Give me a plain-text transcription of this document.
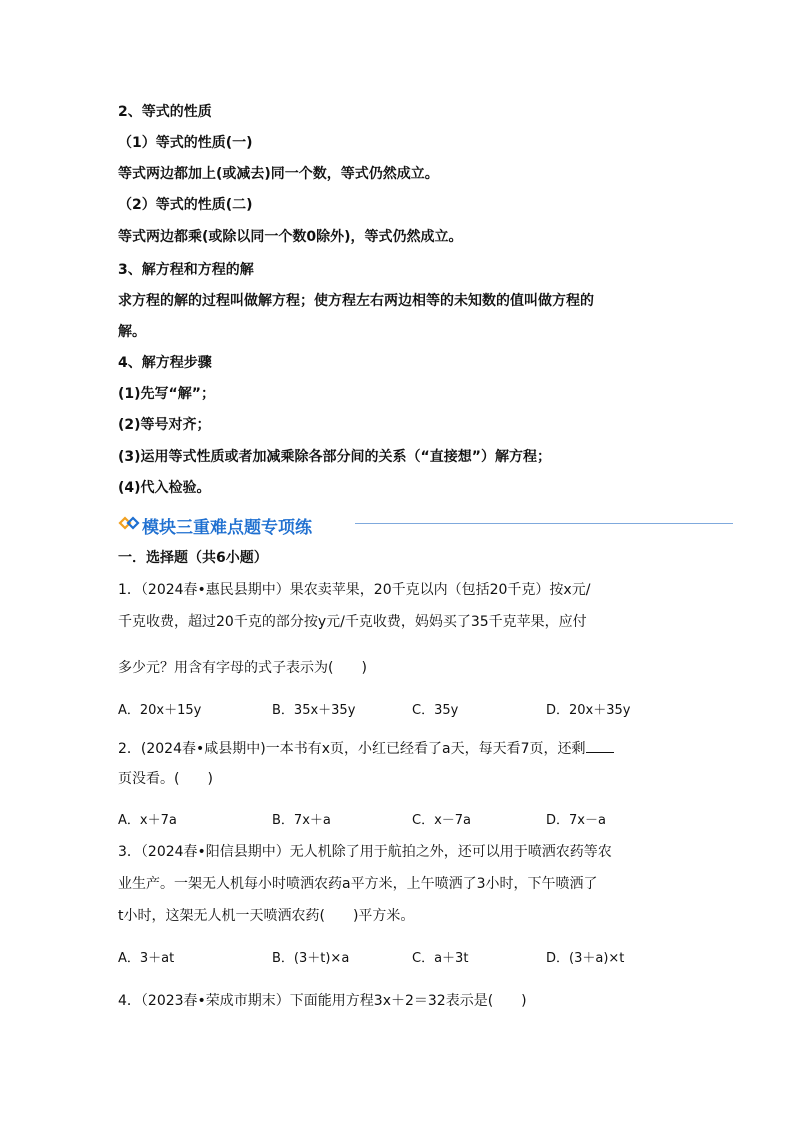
2、等式的性质
（1）等式的性质(一)
等式两边都加上(或减去)同一个数，等式仍然成立。
（2）等式的性质(二)
等式两边都乘(或除以同一个数0除外)，等式仍然成立。
3、解方程和方程的解
求方程的解的过程叫做解方程；使方程左右两边相等的未知数的值叫做方程的
解。
4、解方程步骤
(1)先写“解”；
(2)等号对齐；
(3)运用等式性质或者加减乘除各部分间的关系（“直接想”）解方程；
(4)代入检验。
模块三重难点题专项练
一．选择题（共6小题）
1．（2024春•惠民县期中）果农卖苹果，20千克以内（包括20千克）按x元/
千克收费，超过20千克的部分按y元/千克收费，妈妈买了35千克苹果，应付
多少元？用含有字母的式子表示为(　　)
A．20x＋15y	B．35x＋35y	C．35y	D．20x＋35y
2．(2024春•咸县期中)一本书有x页，小红已经看了a天，每天看7页，还剩
页没看。(　　)
A．x＋7a	B．7x＋a	C．x－7a	D．7x－a
3．（2024春•阳信县期中）无人机除了用于航拍之外，还可以用于喷洒农药等农
业生产。一架无人机每小时喷洒农药a平方米，上午喷洒了3小时，下午喷洒了
t小时，这架无人机一天喷洒农药(　　)平方米。
A．3＋at	B．(3＋t)×a	C．a＋3t	D．(3＋a)×t
4．（2023春•荣成市期末）下面能用方程3x＋2＝32表示是(　　)
